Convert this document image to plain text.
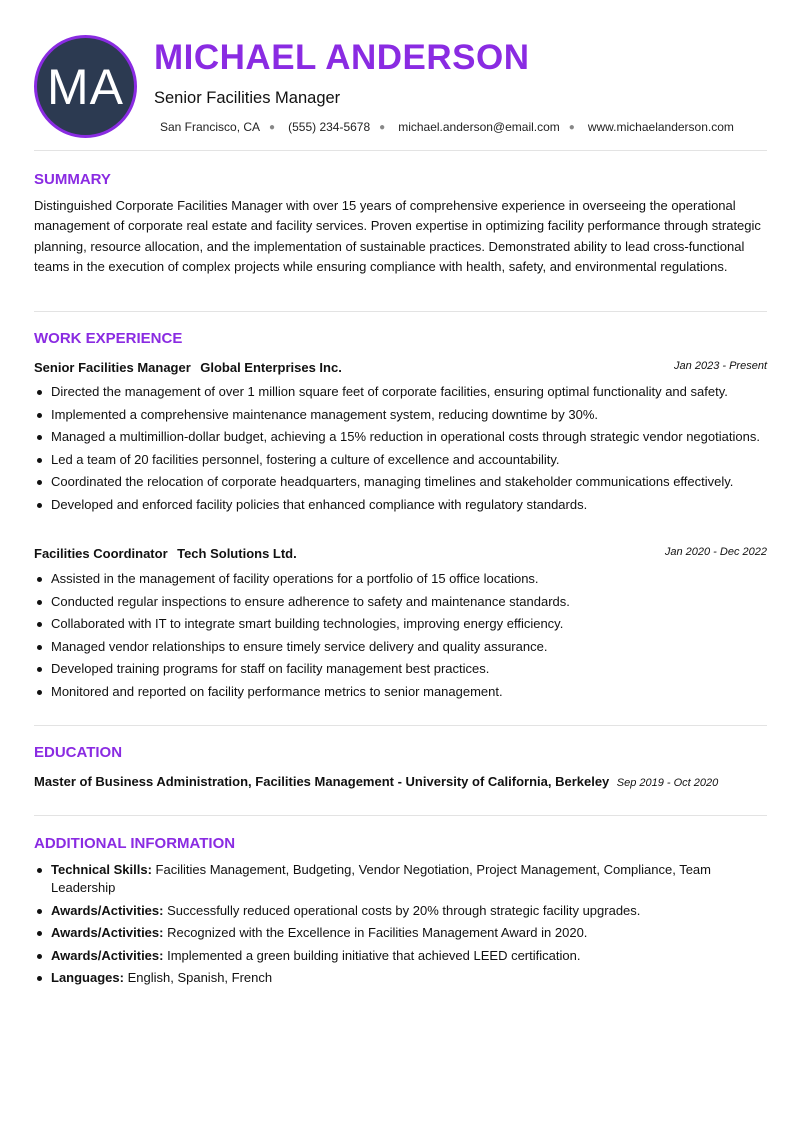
MA
MICHAEL ANDERSON
Senior Facilities Manager
San Francisco, CA ● (555) 234-5678 ● michael.anderson@email.com ● www.michaelanderson.com
SUMMARY
Distinguished Corporate Facilities Manager with over 15 years of comprehensive experience in overseeing the operational management of corporate real estate and facility services. Proven expertise in optimizing facility performance through strategic planning, resource allocation, and the implementation of sustainable practices. Demonstrated ability to lead cross-functional teams in the execution of complex projects while ensuring compliance with health, safety, and environmental regulations.
WORK EXPERIENCE
Senior Facilities Manager Global Enterprises Inc.	Jan 2023 - Present
Directed the management of over 1 million square feet of corporate facilities, ensuring optimal functionality and safety.
Implemented a comprehensive maintenance management system, reducing downtime by 30%.
Managed a multimillion-dollar budget, achieving a 15% reduction in operational costs through strategic vendor negotiations.
Led a team of 20 facilities personnel, fostering a culture of excellence and accountability.
Coordinated the relocation of corporate headquarters, managing timelines and stakeholder communications effectively.
Developed and enforced facility policies that enhanced compliance with regulatory standards.
Facilities Coordinator Tech Solutions Ltd.	Jan 2020 - Dec 2022
Assisted in the management of facility operations for a portfolio of 15 office locations.
Conducted regular inspections to ensure adherence to safety and maintenance standards.
Collaborated with IT to integrate smart building technologies, improving energy efficiency.
Managed vendor relationships to ensure timely service delivery and quality assurance.
Developed training programs for staff on facility management best practices.
Monitored and reported on facility performance metrics to senior management.
EDUCATION
Master of Business Administration, Facilities Management - University of California, Berkeley Sep 2019 - Oct 2020
ADDITIONAL INFORMATION
Technical Skills: Facilities Management, Budgeting, Vendor Negotiation, Project Management, Compliance, Team Leadership
Awards/Activities: Successfully reduced operational costs by 20% through strategic facility upgrades.
Awards/Activities: Recognized with the Excellence in Facilities Management Award in 2020.
Awards/Activities: Implemented a green building initiative that achieved LEED certification.
Languages: English, Spanish, French
